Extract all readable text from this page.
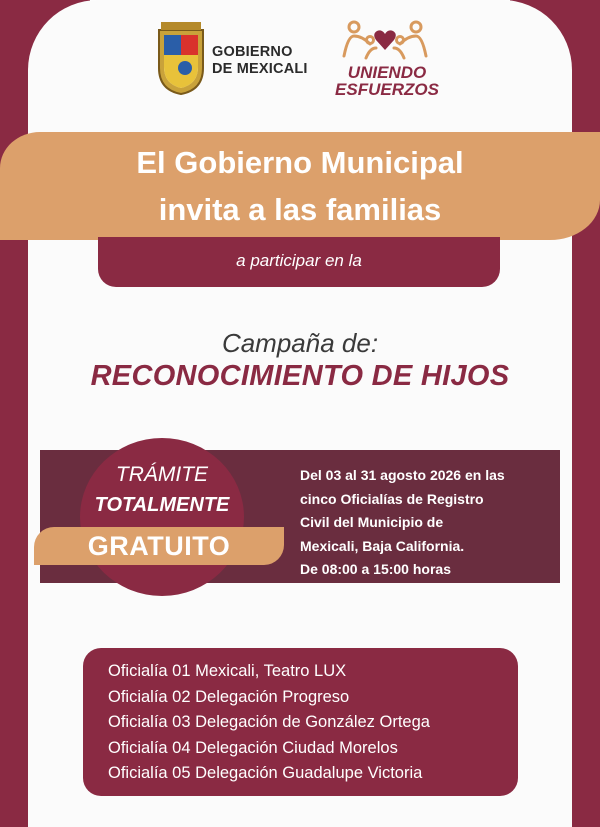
GOBIERNO
DE MEXICALI	UNIENDO
ESFUERZOS
El Gobierno Municipal
invita a las familias
a participar en la
Campaña de:
RECONOCIMIENTO DE HIJOS
TRÁMITE
TOTALMENTE
GRATUITO
Del 03 al 31 agosto 2026 en las
cinco Oficialías de Registro
Civil del Municipio de
Mexicali, Baja California.
De 08:00 a 15:00 horas
Oficialía 01 Mexicali, Teatro LUX
Oficialía 02 Delegación Progreso
Oficialía 03 Delegación de González Ortega
Oficialía 04 Delegación Ciudad Morelos
Oficialía 05 Delegación Guadalupe Victoria
